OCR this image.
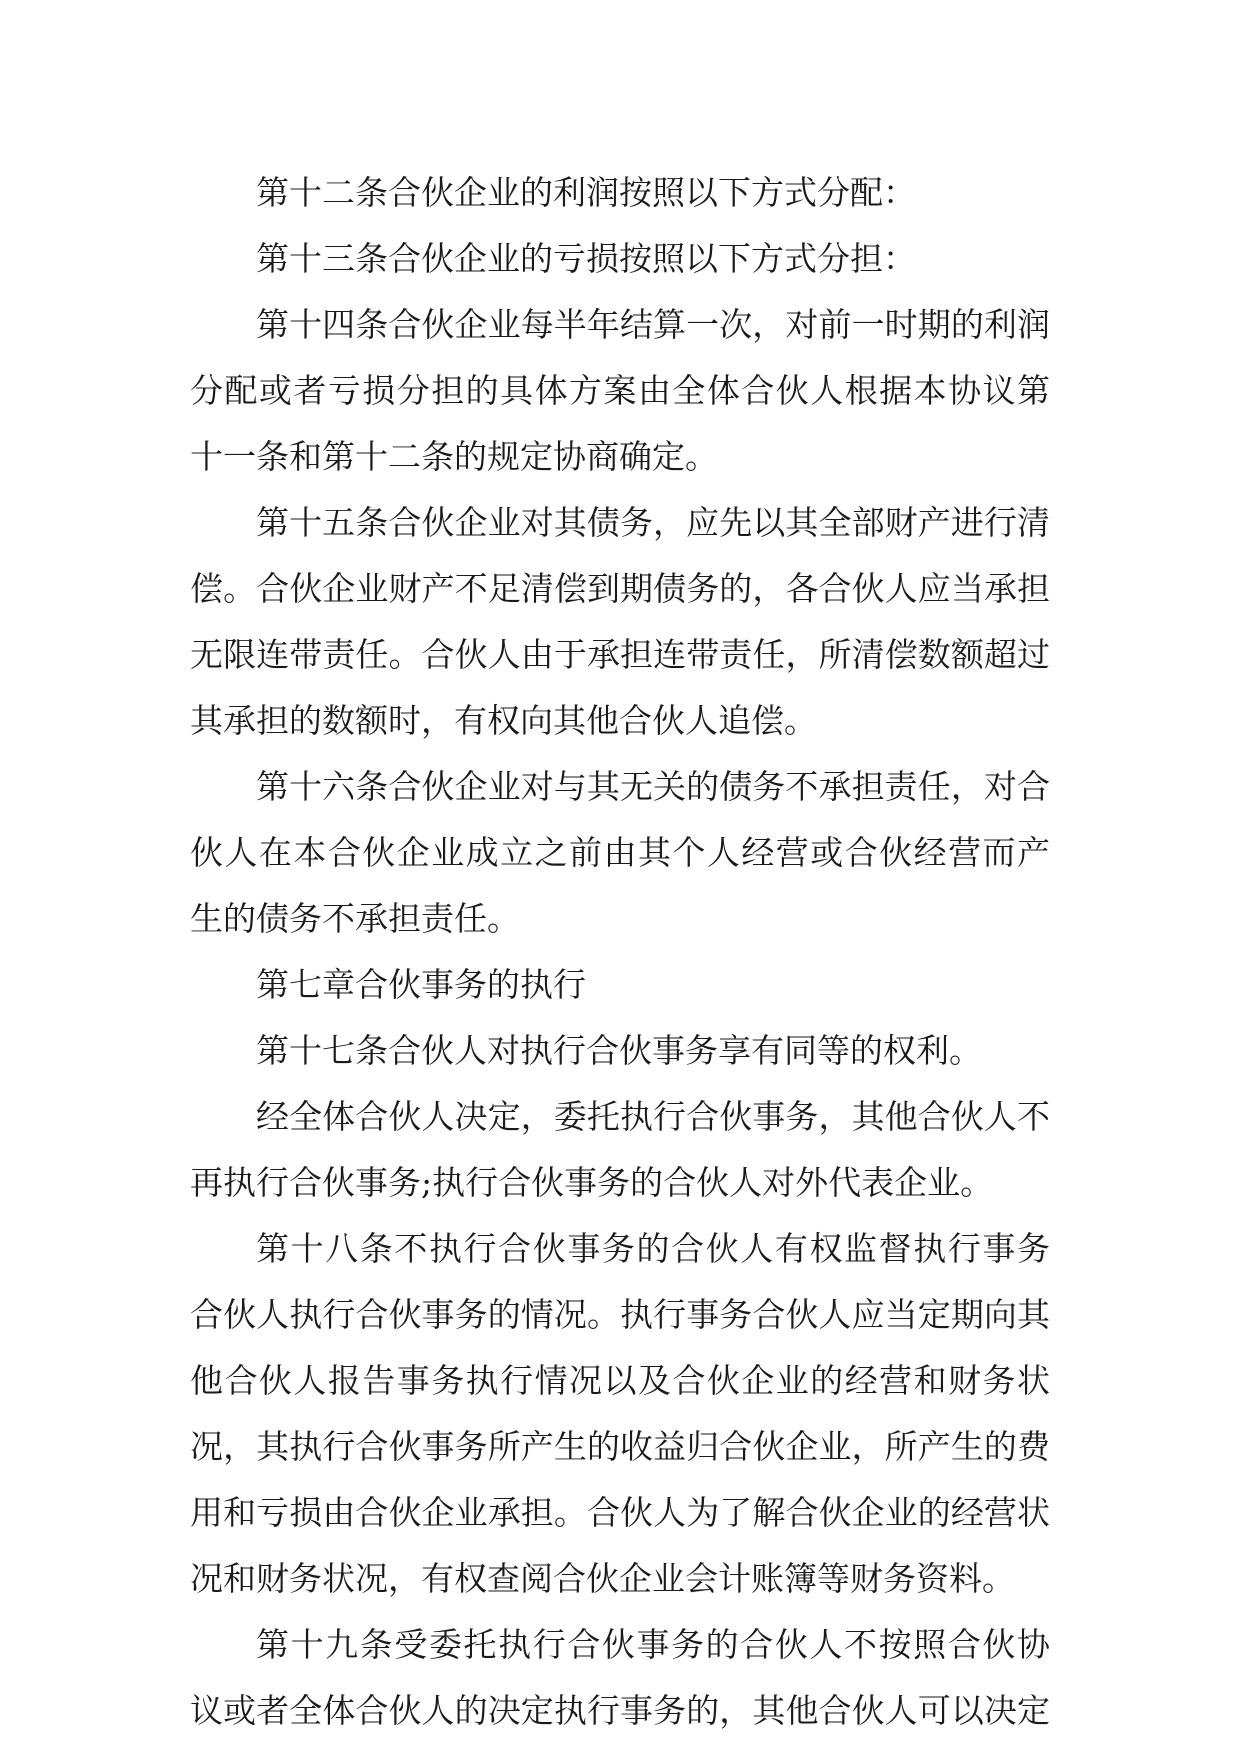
第十二条合伙企业的利润按照以下方式分配：
第十三条合伙企业的亏损按照以下方式分担：
第十四条合伙企业每半年结算一次，对前一时期的利润
分配或者亏损分担的具体方案由全体合伙人根据本协议第
十一条和第十二条的规定协商确定。
第十五条合伙企业对其债务，应先以其全部财产进行清
偿。合伙企业财产不足清偿到期债务的，各合伙人应当承担
无限连带责任。合伙人由于承担连带责任，所清偿数额超过
其承担的数额时，有权向其他合伙人追偿。
第十六条合伙企业对与其无关的债务不承担责任，对合
伙人在本合伙企业成立之前由其个人经营或合伙经营而产
生的债务不承担责任。
第七章合伙事务的执行
第十七条合伙人对执行合伙事务享有同等的权利。
经全体合伙人决定，委托执行合伙事务，其他合伙人不
再执行合伙事务;执行合伙事务的合伙人对外代表企业。
第十八条不执行合伙事务的合伙人有权监督执行事务
合伙人执行合伙事务的情况。执行事务合伙人应当定期向其
他合伙人报告事务执行情况以及合伙企业的经营和财务状
况，其执行合伙事务所产生的收益归合伙企业，所产生的费
用和亏损由合伙企业承担。合伙人为了解合伙企业的经营状
况和财务状况，有权查阅合伙企业会计账簿等财务资料。
第十九条受委托执行合伙事务的合伙人不按照合伙协
议或者全体合伙人的决定执行事务的，其他合伙人可以决定
